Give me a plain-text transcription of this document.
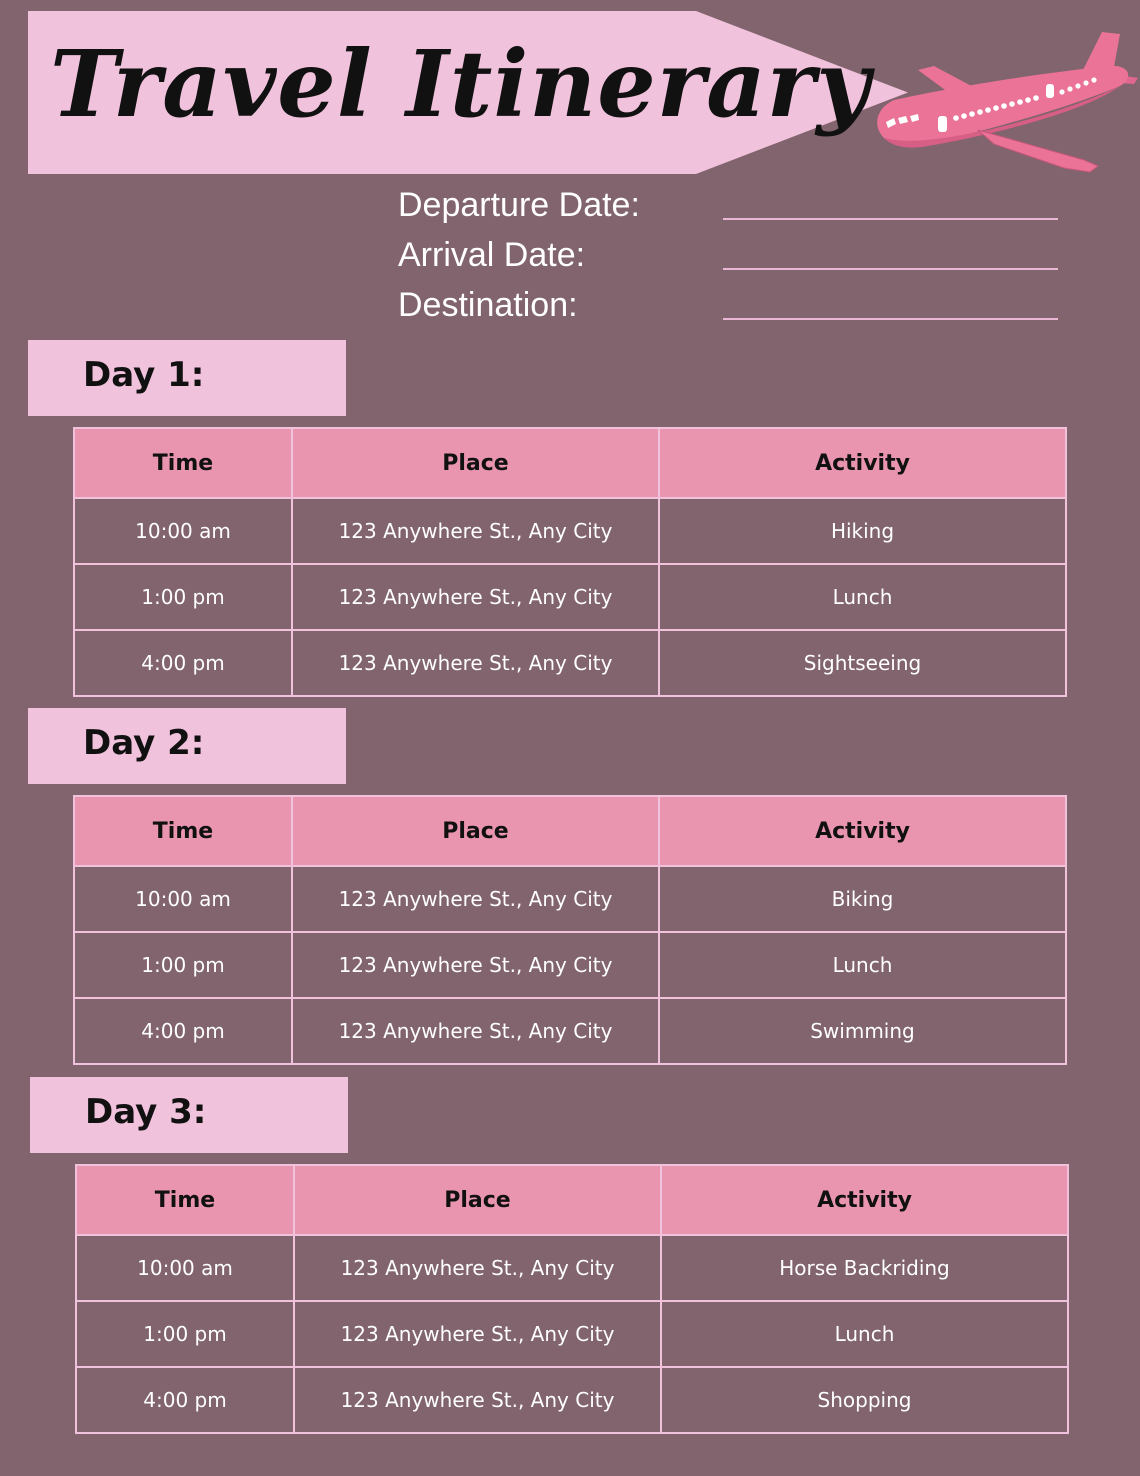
Travel Itinerary
Departure Date:
Arrival Date:
Destination:
Day 1:
Time	Place	Activity
10:00 am	123 Anywhere St., Any City	Hiking
1:00 pm	123 Anywhere St., Any City	Lunch
4:00 pm	123 Anywhere St., Any City	Sightseeing
Day 2:
Time	Place	Activity
10:00 am	123 Anywhere St., Any City	Biking
1:00 pm	123 Anywhere St., Any City	Lunch
4:00 pm	123 Anywhere St., Any City	Swimming
Day 3:
Time	Place	Activity
10:00 am	123 Anywhere St., Any City	Horse Backriding
1:00 pm	123 Anywhere St., Any City	Lunch
4:00 pm	123 Anywhere St., Any City	Shopping
